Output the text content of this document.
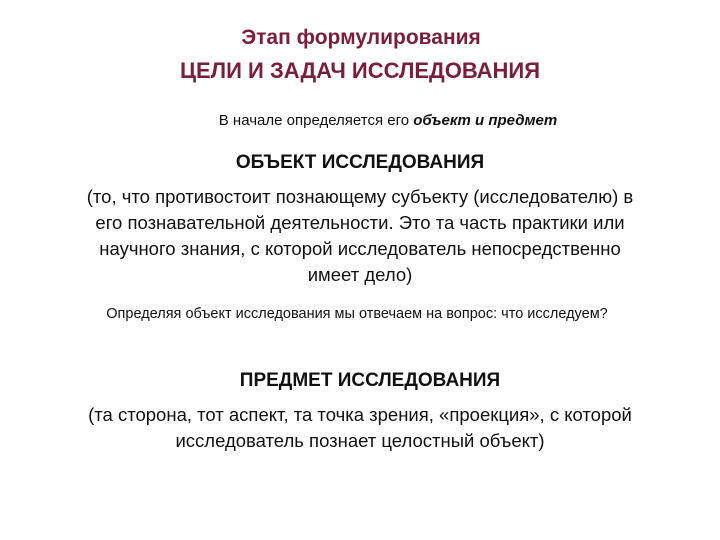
Этап формулирования
ЦЕЛИ И ЗАДАЧ ИССЛЕДОВАНИЯ
В начале определяется его объект и предмет
ОБЪЕКТ ИССЛЕДОВАНИЯ
(то, что противостоит познающему субъекту (исследователю) в
его познавательной деятельности. Это та часть практики или
научного знания, с которой исследователь непосредственно
имеет дело)
Определяя объект исследования мы отвечаем на вопрос: что исследуем?
ПРЕДМЕТ ИССЛЕДОВАНИЯ
(та сторона, тот аспект, та точка зрения, «проекция», с которой
исследователь познает целостный объект)
